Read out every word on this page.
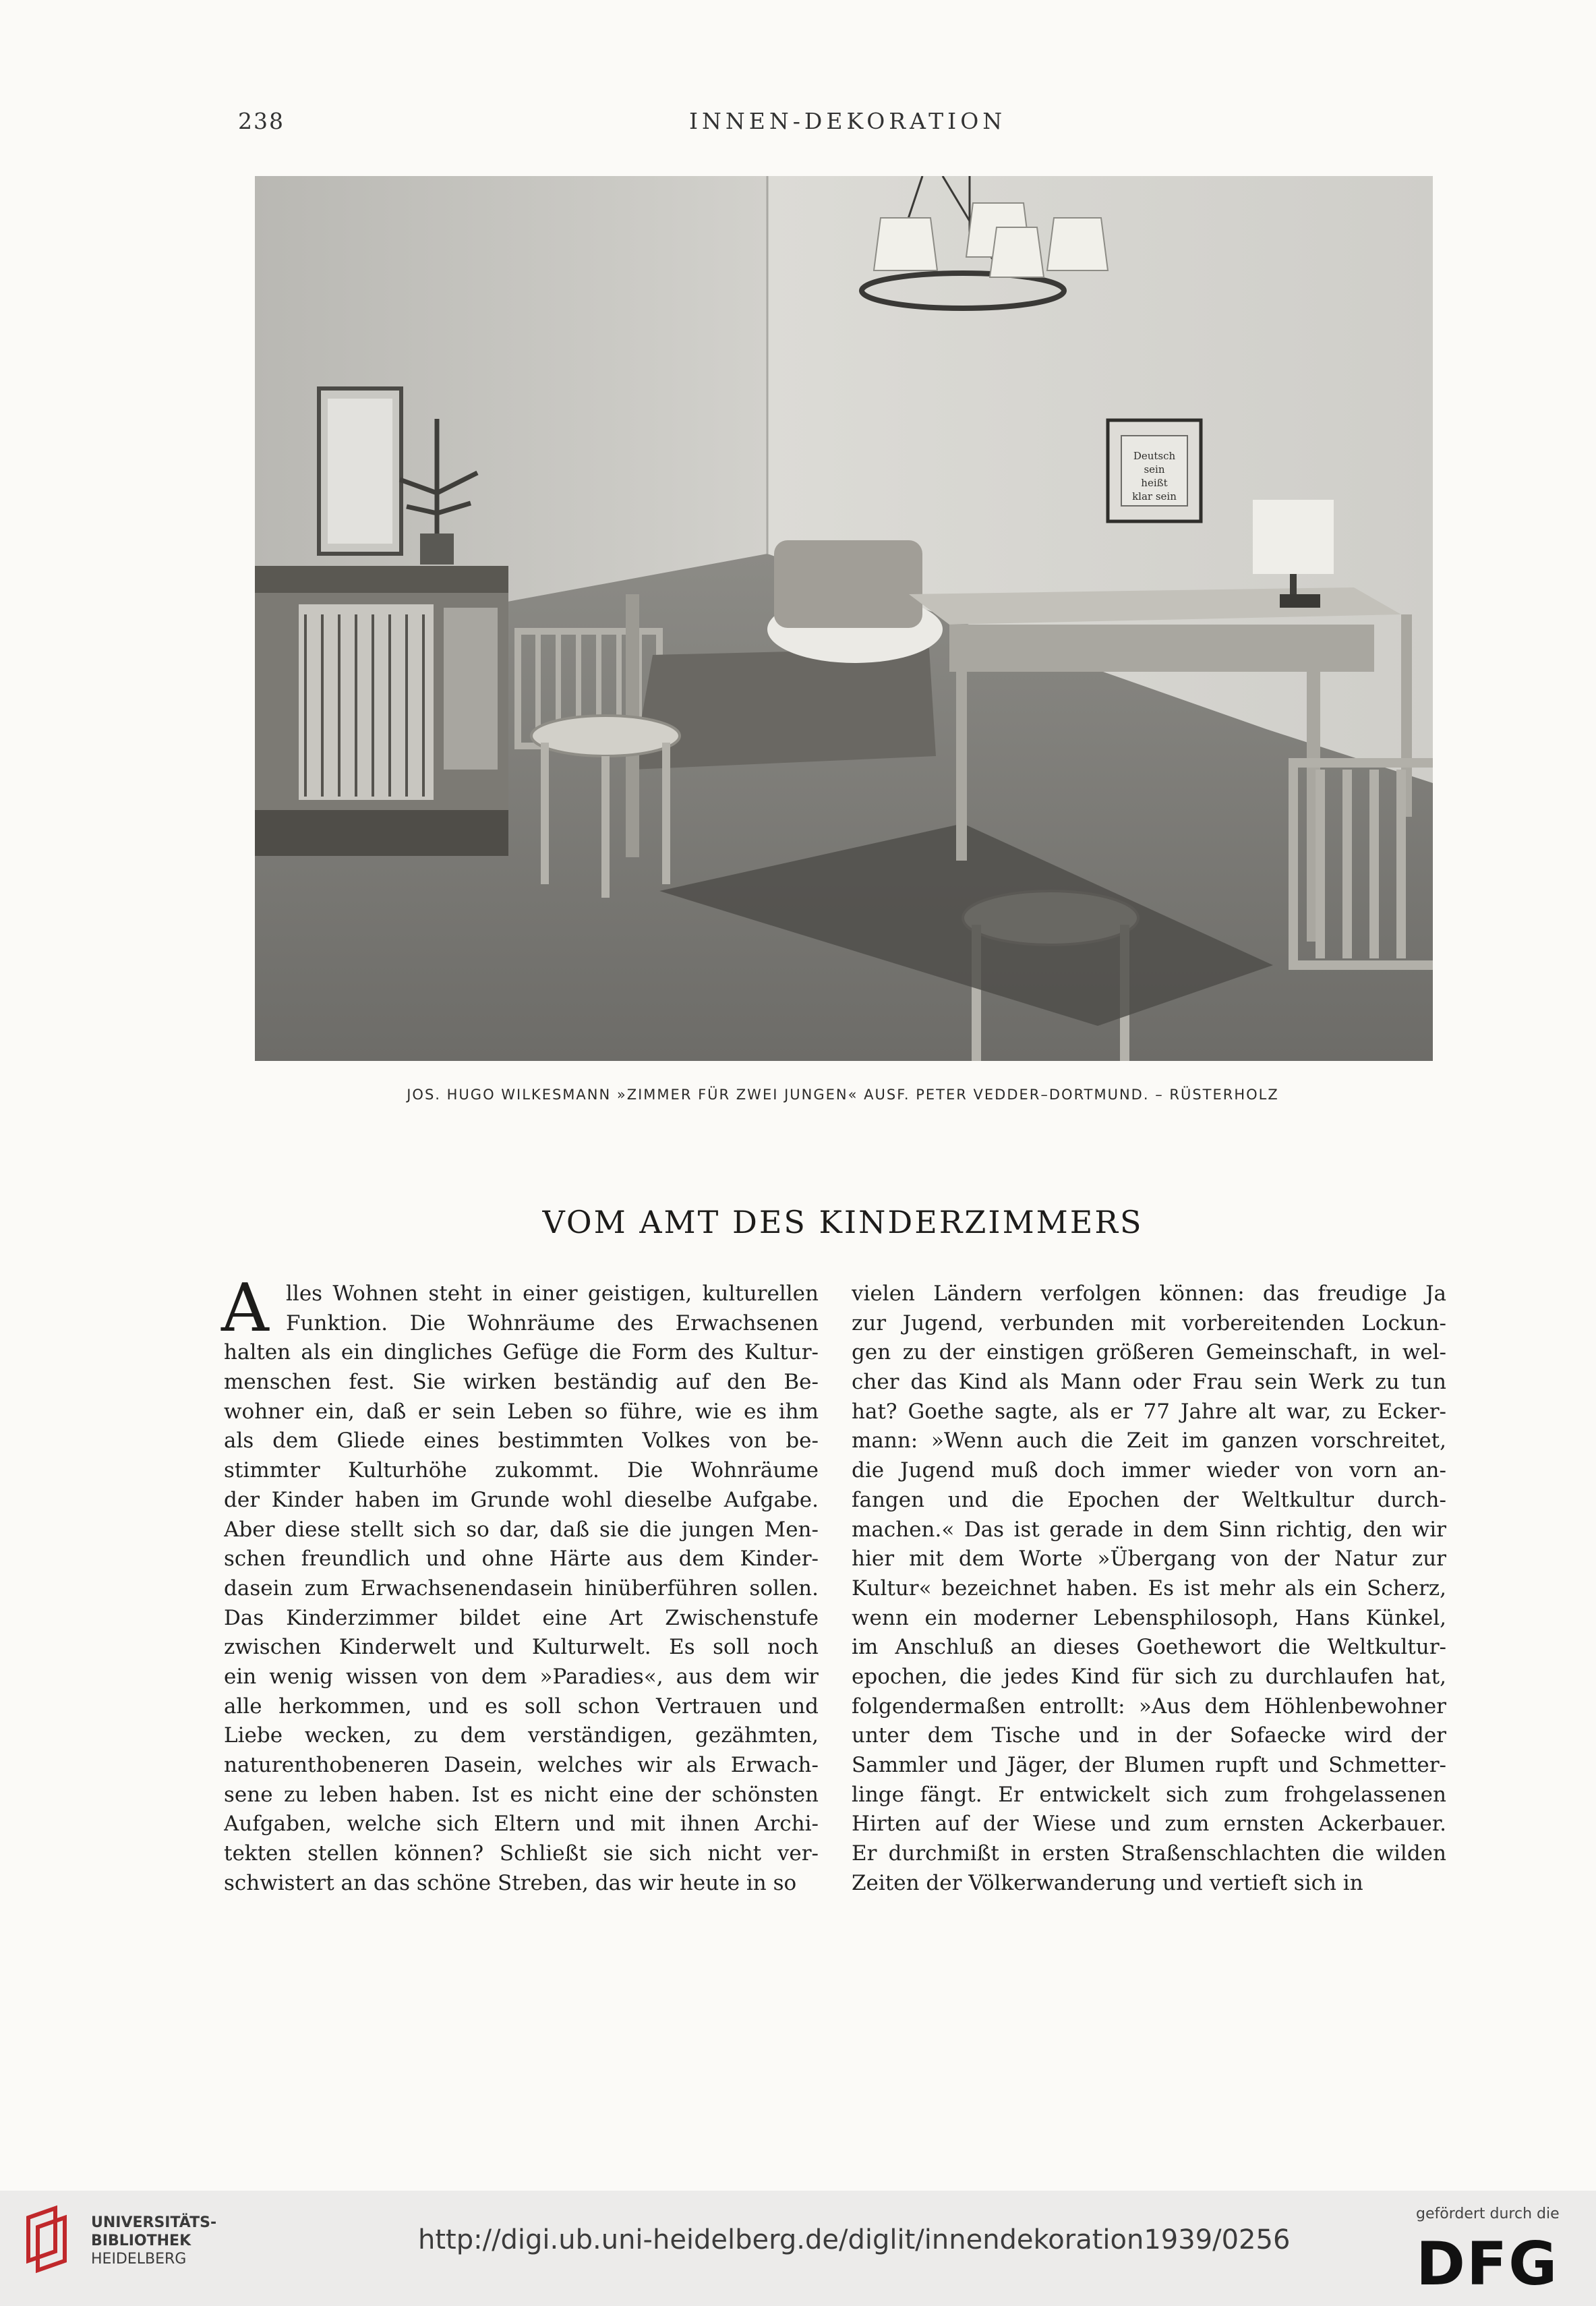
238	INNEN-DEKORATION
Deutsch
sein
heißt
klar sein
JOS. HUGO WILKESMANN »ZIMMER FÜR ZWEI JUNGEN« AUSF. PETER VEDDER–DORTMUND. – RÜSTERHOLZ
VOM AMT DES KINDERZIMMERS
A lles Wohnen steht in einer geistigen, kulturellen
Funktion. Die Wohnräume des Erwachsenen
halten als ein dingliches Gefüge die Form des Kultur-
menschen fest. Sie wirken beständig auf den Be-
wohner ein, daß er sein Leben so führe, wie es ihm
als dem Gliede eines bestimmten Volkes von be-
stimmter Kulturhöhe zukommt. Die Wohnräume
der Kinder haben im Grunde wohl dieselbe Aufgabe.
Aber diese stellt sich so dar, daß sie die jungen Men-
schen freundlich und ohne Härte aus dem Kinder-
dasein zum Erwachsenendasein hinüberführen sollen.
Das Kinderzimmer bildet eine Art Zwischenstufe
zwischen Kinderwelt und Kulturwelt. Es soll noch
ein wenig wissen von dem »Paradies«, aus dem wir
alle herkommen, und es soll schon Vertrauen und
Liebe wecken, zu dem verständigen, gezähmten,
naturenthobeneren Dasein, welches wir als Erwach-
sene zu leben haben. Ist es nicht eine der schönsten
Aufgaben, welche sich Eltern und mit ihnen Archi-
tekten stellen können? Schließt sie sich nicht ver-
schwistert an das schöne Streben, das wir heute in so
vielen Ländern verfolgen können: das freudige Ja
zur Jugend, verbunden mit vorbereitenden Lockun-
gen zu der einstigen größeren Gemeinschaft, in wel-
cher das Kind als Mann oder Frau sein Werk zu tun
hat? Goethe sagte, als er 77 Jahre alt war, zu Ecker-
mann: »Wenn auch die Zeit im ganzen vorschreitet,
die Jugend muß doch immer wieder von vorn an-
fangen und die Epochen der Weltkultur durch-
machen.« Das ist gerade in dem Sinn richtig, den wir
hier mit dem Worte »Übergang von der Natur zur
Kultur« bezeichnet haben. Es ist mehr als ein Scherz,
wenn ein moderner Lebensphilosoph, Hans Künkel,
im Anschluß an dieses Goethewort die Weltkultur-
epochen, die jedes Kind für sich zu durchlaufen hat,
folgendermaßen entrollt: »Aus dem Höhlenbewohner
unter dem Tische und in der Sofaecke wird der
Sammler und Jäger, der Blumen rupft und Schmetter-
linge fängt. Er entwickelt sich zum frohgelassenen
Hirten auf der Wiese und zum ernsten Ackerbauer.
Er durchmißt in ersten Straßenschlachten die wilden
Zeiten der Völkerwanderung und vertieft sich in
UNIVERSITÄTS-
BIBLIOTHEK
HEIDELBERG
http://digi.ub.uni-heidelberg.de/diglit/innendekoration1939/0256
gefördert durch die
DFG
